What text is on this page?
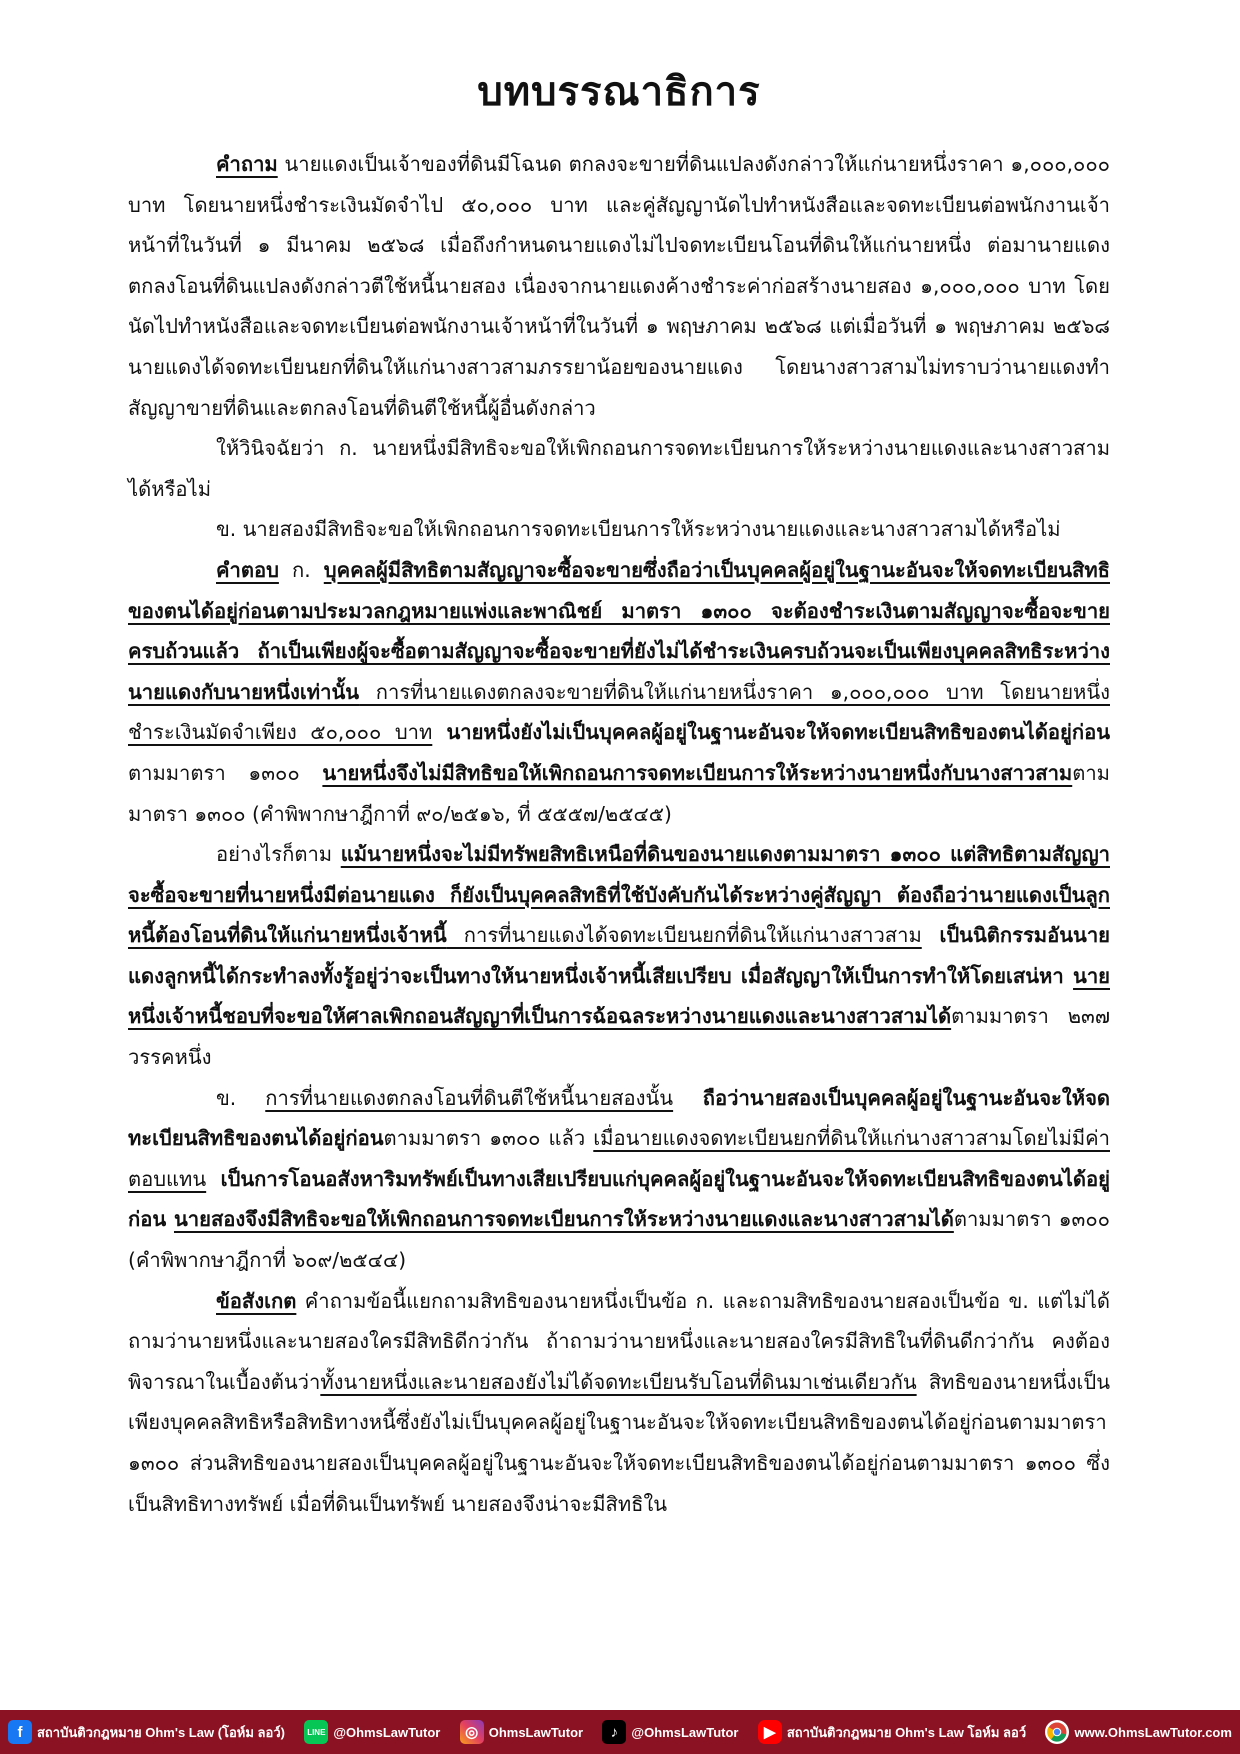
บทบรรณาธิการ

คำถาม นายแดงเป็นเจ้าของที่ดินมีโฉนด ตกลงจะขายที่ดินแปลงดังกล่าวให้แก่นายหนึ่งราคา ๑,๐๐๐,๐๐๐ บาท โดยนายหนึ่งชำระเงินมัดจำไป ๕๐,๐๐๐ บาท และคู่สัญญานัดไปทำหนังสือและจดทะเบียนต่อพนักงานเจ้าหน้าที่ในวันที่ ๑ มีนาคม ๒๕๖๘ เมื่อถึงกำหนดนายแดงไม่ไปจดทะเบียนโอนที่ดินให้แก่นายหนึ่ง ต่อมานายแดงตกลงโอนที่ดินแปลงดังกล่าวตีใช้หนี้นายสอง เนื่องจากนายแดงค้างชำระค่าก่อสร้างนายสอง ๑,๐๐๐,๐๐๐ บาท โดยนัดไปทำหนังสือและจดทะเบียนต่อพนักงานเจ้าหน้าที่ในวันที่ ๑ พฤษภาคม ๒๕๖๘ แต่เมื่อวันที่ ๑ พฤษภาคม ๒๕๖๘ นายแดงได้จดทะเบียนยกที่ดินให้แก่นางสาวสามภรรยาน้อยของนายแดง โดยนางสาวสามไม่ทราบว่านายแดงทำสัญญาขายที่ดินและตกลงโอนที่ดินตีใช้หนี้ผู้อื่นดังกล่าว

ให้วินิจฉัยว่า ก. นายหนึ่งมีสิทธิจะขอให้เพิกถอนการจดทะเบียนการให้ระหว่างนายแดงและนางสาวสามได้หรือไม่

ข. นายสองมีสิทธิจะขอให้เพิกถอนการจดทะเบียนการให้ระหว่างนายแดงและนางสาวสามได้หรือไม่

คำตอบ ก. บุคคลผู้มีสิทธิตามสัญญาจะซื้อจะขายซึ่งถือว่าเป็นบุคคลผู้อยู่ในฐานะอันจะให้จดทะเบียนสิทธิของตนได้อยู่ก่อนตามประมวลกฎหมายแพ่งและพาณิชย์ มาตรา ๑๓๐๐ จะต้องชำระเงินตามสัญญาจะซื้อจะขายครบถ้วนแล้ว ถ้าเป็นเพียงผู้จะซื้อตามสัญญาจะซื้อจะขายที่ยังไม่ได้ชำระเงินครบถ้วนจะเป็นเพียงบุคคลสิทธิระหว่างนายแดงกับนายหนึ่งเท่านั้น การที่นายแดงตกลงจะขายที่ดินให้แก่นายหนึ่งราคา ๑,๐๐๐,๐๐๐ บาท โดยนายหนึ่งชำระเงินมัดจำเพียง ๕๐,๐๐๐ บาท นายหนึ่งยังไม่เป็นบุคคลผู้อยู่ในฐานะอันจะให้จดทะเบียนสิทธิของตนได้อยู่ก่อนตามมาตรา ๑๓๐๐ นายหนึ่งจึงไม่มีสิทธิขอให้เพิกถอนการจดทะเบียนการให้ระหว่างนายหนึ่งกับนางสาวสามตามมาตรา ๑๓๐๐ (คำพิพากษาฎีกาที่ ๙๐/๒๕๑๖, ที่ ๕๕๕๗/๒๕๔๕)

อย่างไรก็ตาม แม้นายหนึ่งจะไม่มีทรัพยสิทธิเหนือที่ดินของนายแดงตามมาตรา ๑๓๐๐ แต่สิทธิตามสัญญาจะซื้อจะขายที่นายหนึ่งมีต่อนายแดง ก็ยังเป็นบุคคลสิทธิที่ใช้บังคับกันได้ระหว่างคู่สัญญา ต้องถือว่านายแดงเป็นลูกหนี้ต้องโอนที่ดินให้แก่นายหนึ่งเจ้าหนี้ การที่นายแดงได้จดทะเบียนยกที่ดินให้แก่นางสาวสาม เป็นนิติกรรมอันนายแดงลูกหนี้ได้กระทำลงทั้งรู้อยู่ว่าจะเป็นทางให้นายหนึ่งเจ้าหนี้เสียเปรียบ เมื่อสัญญาให้เป็นการทำให้โดยเสน่หา นายหนึ่งเจ้าหนี้ชอบที่จะขอให้ศาลเพิกถอนสัญญาที่เป็นการฉ้อฉลระหว่างนายแดงและนางสาวสามได้ตามมาตรา ๒๓๗ วรรคหนึ่ง

ข. การที่นายแดงตกลงโอนที่ดินตีใช้หนี้นายสองนั้น ถือว่านายสองเป็นบุคคลผู้อยู่ในฐานะอันจะให้จดทะเบียนสิทธิของตนได้อยู่ก่อนตามมาตรา ๑๓๐๐ แล้ว เมื่อนายแดงจดทะเบียนยกที่ดินให้แก่นางสาวสามโดยไม่มีค่าตอบแทน เป็นการโอนอสังหาริมทรัพย์เป็นทางเสียเปรียบแก่บุคคลผู้อยู่ในฐานะอันจะให้จดทะเบียนสิทธิของตนได้อยู่ก่อน นายสองจึงมีสิทธิจะขอให้เพิกถอนการจดทะเบียนการให้ระหว่างนายแดงและนางสาวสามได้ตามมาตรา ๑๓๐๐ (คำพิพากษาฎีกาที่ ๖๐๙/๒๕๔๔)

ข้อสังเกต คำถามข้อนี้แยกถามสิทธิของนายหนึ่งเป็นข้อ ก. และถามสิทธิของนายสองเป็นข้อ ข. แต่ไม่ได้ถามว่านายหนึ่งและนายสองใครมีสิทธิดีกว่ากัน ถ้าถามว่านายหนึ่งและนายสองใครมีสิทธิในที่ดินดีกว่ากัน คงต้องพิจารณาในเบื้องต้นว่าทั้งนายหนึ่งและนายสองยังไม่ได้จดทะเบียนรับโอนที่ดินมาเช่นเดียวกัน สิทธิของนายหนึ่งเป็นเพียงบุคคลสิทธิหรือสิทธิทางหนี้ซึ่งยังไม่เป็นบุคคลผู้อยู่ในฐานะอันจะให้จดทะเบียนสิทธิของตนได้อยู่ก่อนตามมาตรา ๑๓๐๐ ส่วนสิทธิของนายสองเป็นบุคคลผู้อยู่ในฐานะอันจะให้จดทะเบียนสิทธิของตนได้อยู่ก่อนตามมาตรา ๑๓๐๐ ซึ่งเป็นสิทธิทางทรัพย์ เมื่อที่ดินเป็นทรัพย์ นายสองจึงน่าจะมีสิทธิใน

f	สถาบันติวกฎหมาย Ohm's Law (โอห์ม ลอว์)	LINE @OhmsLawTutor	◎ OhmsLawTutor	♪	@OhmsLawTutor	▶ สถาบันติวกฎหมาย Ohm's Law โอห์ม ลอว์	www.OhmsLawTutor.com
